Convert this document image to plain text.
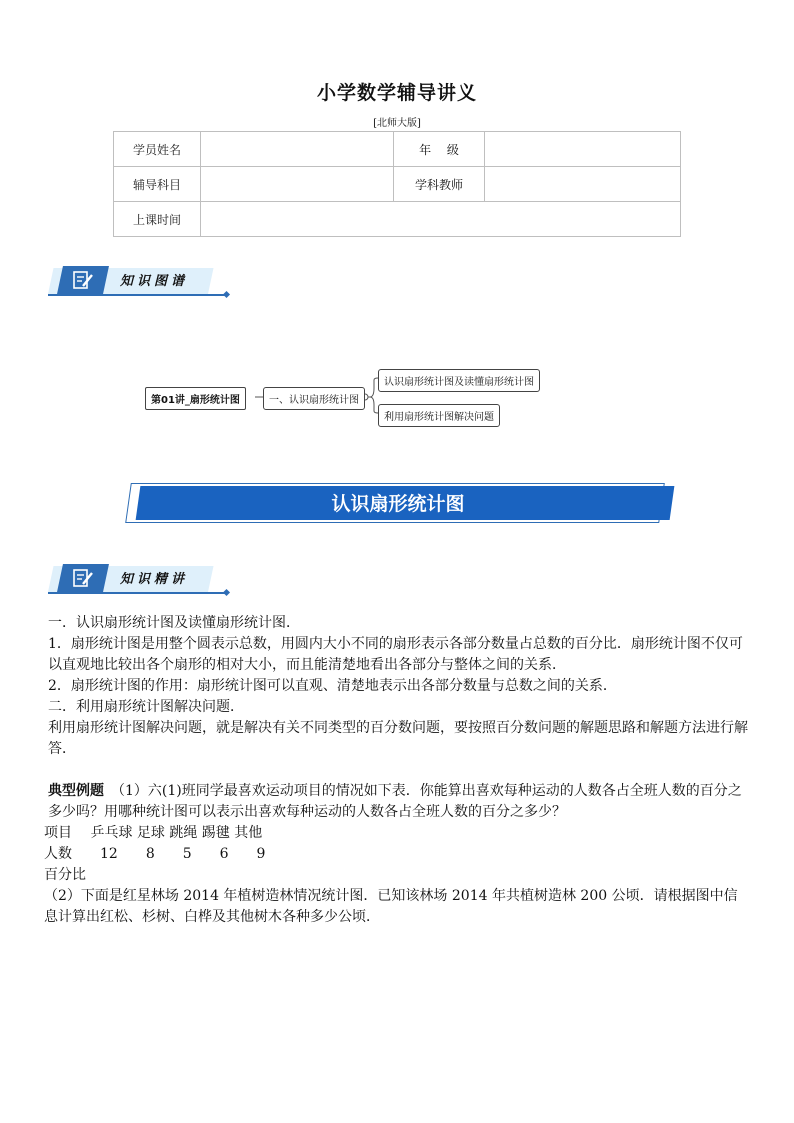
小学数学辅导讲义
[北师大版]
学员姓名		年　 级	
辅导科目		学科教师	
上课时间			
知识图谱
第01讲_扇形统计图	一、认识扇形统计图
认识扇形统计图及读懂扇形统计图
利用扇形统计图解决问题
认识扇形统计图
知识精讲

一．认识扇形统计图及读懂扇形统计图．

1．扇形统计图是用整个圆表示总数，用圆内大小不同的扇形表示各部分数量占总数的百分比．扇形统计图不仅可以直观地比较出各个扇形的相对大小，而且能清楚地看出各部分与整体之间的关系．

2．扇形统计图的作用：扇形统计图可以直观、清楚地表示出各部分数量与总数之间的关系．

二．利用扇形统计图解决问题．

利用扇形统计图解决问题，就是解决有关不同类型的百分数问题，要按照百分数问题的解题思路和解题方法进行解答．

典型例题　 （1）六(1)班同学最喜欢运动项目的情况如下表．你能算出喜欢每种运动的人数各占全班人数的百分之多少吗？用哪种统计图可以表示出喜欢每种运动的人数各占全班人数的百分之多少？

项目　 乒乓球 足球 跳绳 踢毽 其他

人数　　 12　　8　　5　　6　　9

百分比

（2）下面是红星林场 2014 年植树造林情况统计图．已知该林场 2014 年共植树造林 200 公顷．请根据图中信息计算出红松、杉树、白桦及其他树木各种多少公顷．
